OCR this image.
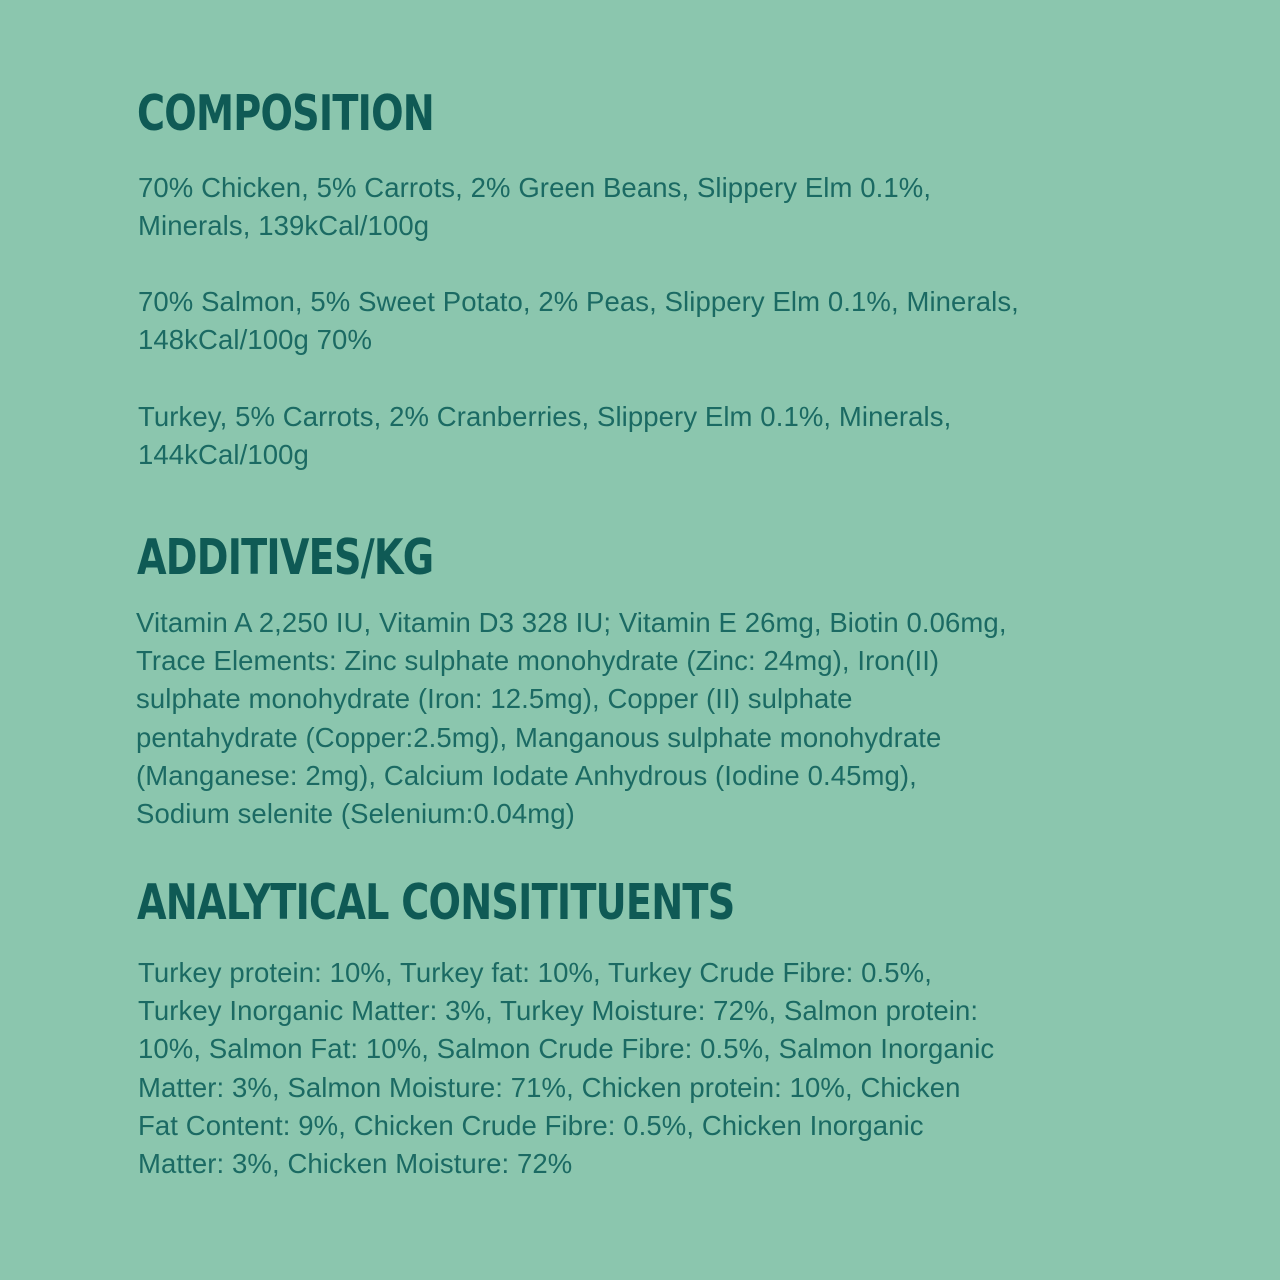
COMPOSITION

70% Chicken, 5% Carrots, 2% Green Beans, Slippery Elm 0.1%,
Minerals, 139kCal/100g

70% Salmon, 5% Sweet Potato, 2% Peas, Slippery Elm 0.1%, Minerals,
148kCal/100g 70%

Turkey, 5% Carrots, 2% Cranberries, Slippery Elm 0.1%, Minerals,
144kCal/100g

ADDITIVES/KG

Vitamin A 2,250 IU, Vitamin D3 328 IU; Vitamin E 26mg, Biotin 0.06mg,
Trace Elements: Zinc sulphate monohydrate (Zinc: 24mg), Iron(II)
sulphate monohydrate (Iron: 12.5mg), Copper (II) sulphate
pentahydrate (Copper:2.5mg), Manganous sulphate monohydrate
(Manganese: 2mg), Calcium Iodate Anhydrous (Iodine 0.45mg),
Sodium selenite (Selenium:0.04mg)

ANALYTICAL CONSITITUENTS

Turkey protein: 10%, Turkey fat: 10%, Turkey Crude Fibre: 0.5%,
Turkey Inorganic Matter: 3%, Turkey Moisture: 72%, Salmon protein:
10%, Salmon Fat: 10%, Salmon Crude Fibre: 0.5%, Salmon Inorganic
Matter: 3%, Salmon Moisture: 71%, Chicken protein: 10%, Chicken
Fat Content: 9%, Chicken Crude Fibre: 0.5%, Chicken Inorganic
Matter: 3%, Chicken Moisture: 72%
